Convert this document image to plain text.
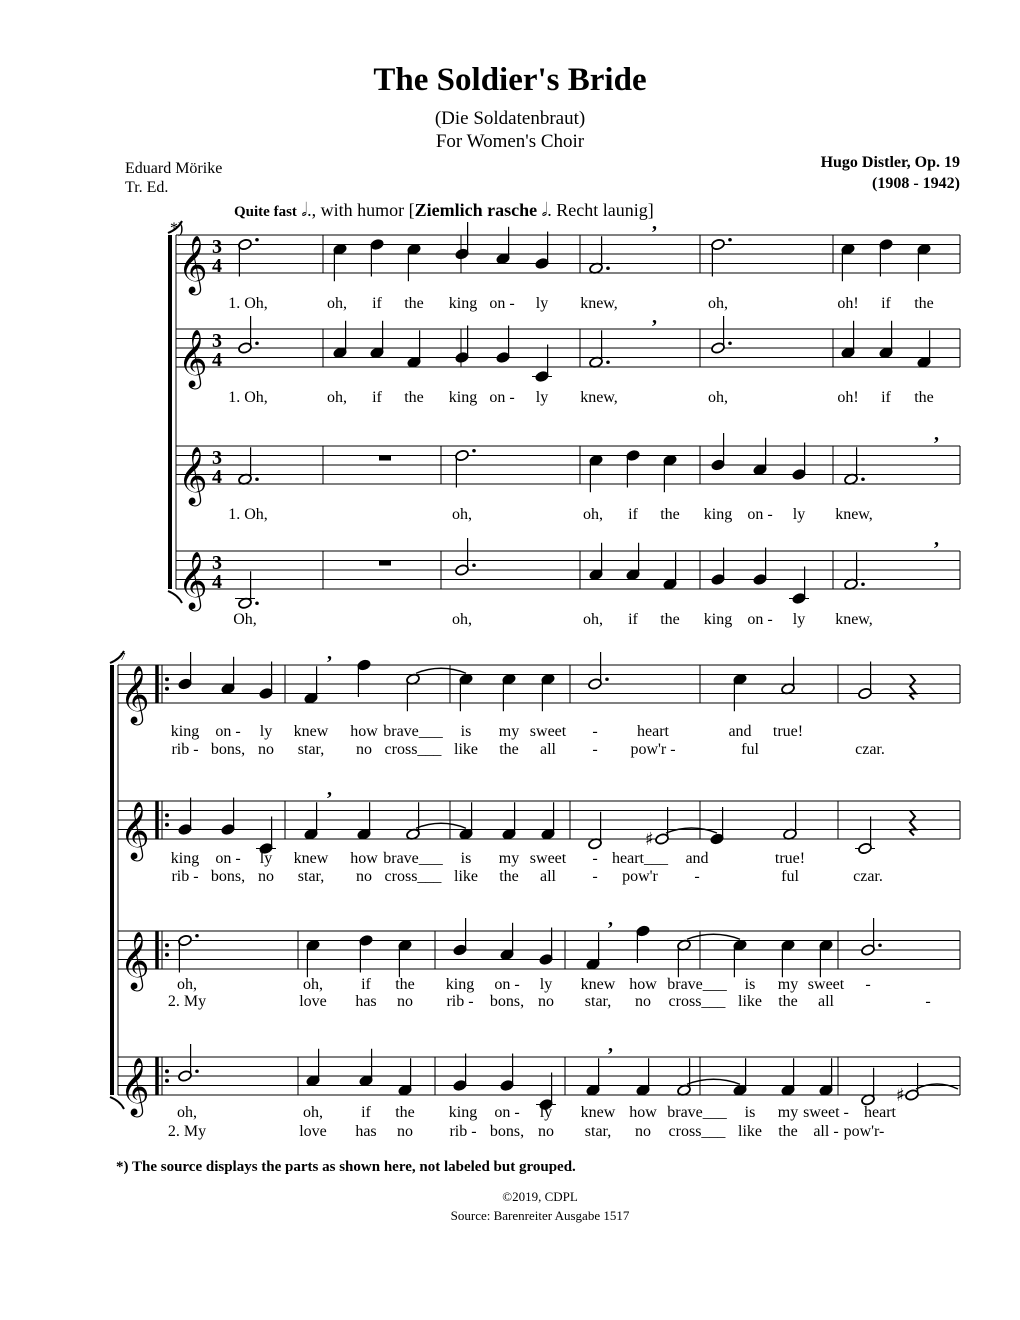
The Soldier's Bride
(Die Soldatenbraut)
For Women's Choir
Eduard Mörike
Tr. Ed.
Hugo Distler, Op. 19
(1908 - 1942)
Quite fast 𝅗𝅥., with humor [Ziemlich rasche 𝅗𝅥. Recht launig]
𝄞 3
4
𝄞 3
4
𝄞 3
4
𝄞 3
4
,
1. Oh,	oh, if the king on - ly knew,	oh,	oh! if the
,
1. Oh,	oh, if the king on - ly knew,	oh,	oh! if the
,
1. Oh,	oh,	oh, if the king on - ly knew,
,
Oh,	oh,	oh, if the king on - ly knew,
𝄞
𝄞
𝄞
𝄞
,
king on - ly knew how brave___ is my sweet - heart	and true!
rib - bons, no star, no cross___ like the all - pow'r -	ful	czar.
,
♯
king on - ly knew how brave___ is my sweet - heart___ and	true!
rib - bons, no star, no cross___ like the all - pow'r -	ful	czar.
,
oh,	oh, if the king on - ly knew how brave___ is my sweet -
2. My	love has no rib - bons, no star, no cross___ like the all	-
,
♯
oh,	oh, if the king on - ly knew how brave___ is my sweet - heart
2. My	love has no rib - bons, no star, no cross___ like the all - pow'r-
*)
7
*) The source displays the parts as shown here, not labeled but grouped.
©2019, CDPL
Source: Barenreiter Ausgabe 1517
